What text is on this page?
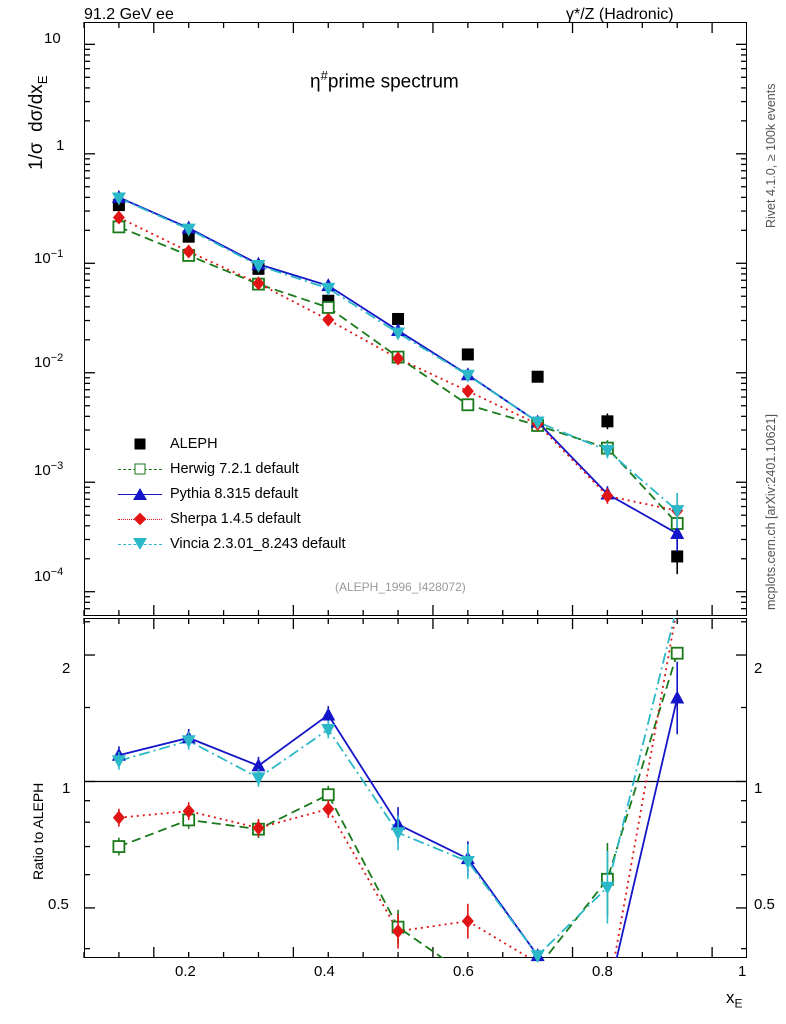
91.2 GeV ee	γ*/Z (Hadronic)
Rivet 4.1.0, ≥ 100k events
mcplots.cern.ch [arXiv:2401.10621]
1/σ  $d\sigma/dx_E$	η#prime spectrum
(ALEPH_1996_I428072)
Ratio to ALEPH
$x_E$
10
1
$10^{-1}$
$10^{-2}$
$10^{-3}$
$10^{-4}$
2
1
0.5
2
1
0.5
0.2	0.4	0.6	0.8	1
ALEPH
Herwig 7.2.1 default
Pythia 8.315 default
Sherpa 1.4.5 default
Vincia 2.3.01_8.243 default
